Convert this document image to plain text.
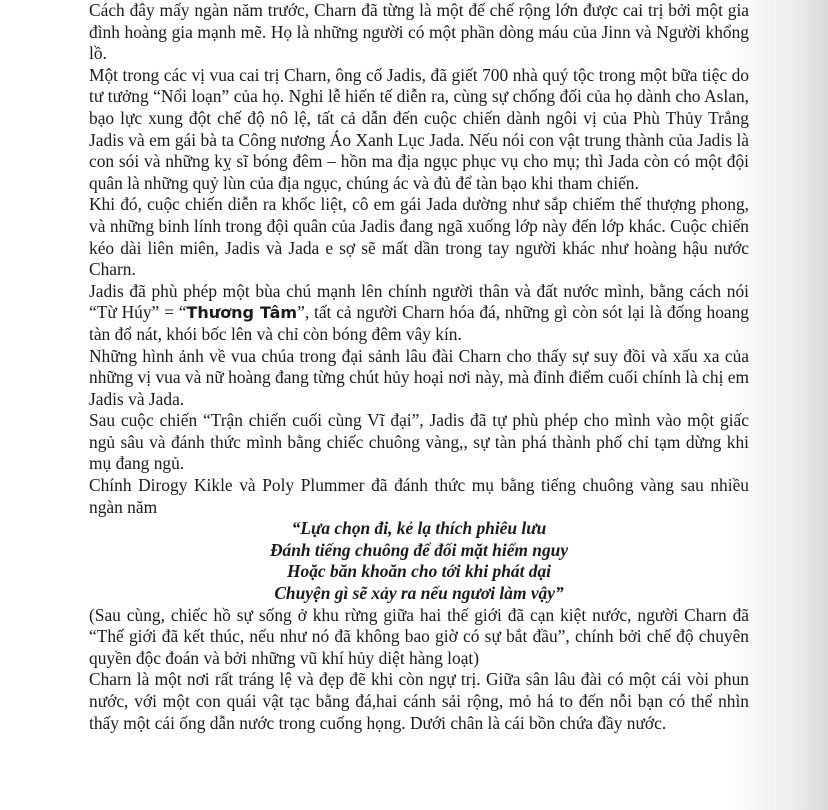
Cách đây mấy ngàn năm trước, Charn đã từng là một đế chế rộng lớn được cai trị bởi một gia đình hoàng gia mạnh mẽ. Họ là những người có một phần dòng máu của Jinn và Người khổng lồ.

Một trong các vị vua cai trị Charn, ông cố Jadis, đã giết 700 nhà quý tộc trong một bữa tiệc do tư tưởng “Nổi loạn” của họ. Nghi lễ hiến tế diễn ra, cùng sự chống đối của họ dành cho Aslan, bạo lực xung đột chế độ nô lệ, tất cả dẫn đến cuộc chiến dành ngôi vị của Phù Thủy Trắng Jadis và em gái bà ta Công nương Áo Xanh Lục Jada. Nếu nói con vật trung thành của Jadis là con sói và những kỵ sĩ bóng đêm – hồn ma địa ngục phục vụ cho mụ; thì Jada còn có một đội quân là những quỷ lùn của địa ngục, chúng ác và đủ để tàn bạo khi tham chiến.

Khi đó, cuộc chiến diễn ra khốc liệt, cô em gái Jada dường như sắp chiếm thế thượng phong, và những binh lính trong đội quân của Jadis đang ngã xuống lớp này đến lớp khác. Cuộc chiến kéo dài liên miên, Jadis và Jada e sợ sẽ mất dần trong tay người khác như hoàng hậu nước Charn.

Jadis đã phù phép một bùa chú mạnh lên chính người thân và đất nước mình, bằng cách nói “Từ Húy” = “Thương Tâm”, tất cả người Charn hóa đá, những gì còn sót lại là đống hoang tàn đổ nát, khói bốc lên và chỉ còn bóng đêm vây kín.

Những hình ảnh về vua chúa trong đại sảnh lâu đài Charn cho thấy sự suy đồi và xấu xa của những vị vua và nữ hoàng đang từng chút hủy hoại nơi này, mà đỉnh điểm cuối chính là chị em Jadis và Jada.

Sau cuộc chiến “Trận chiến cuối cùng Vĩ đại”, Jadis đã tự phù phép cho mình vào một giấc ngủ sâu và đánh thức mình bằng chiếc chuông vàng,, sự tàn phá thành phố chỉ tạm dừng khi mụ đang ngủ.

Chính Dirogy Kikle và Poly Plummer đã đánh thức mụ bằng tiếng chuông vàng sau nhiều ngàn năm

“Lựa chọn đi, kẻ lạ thích phiêu lưu
Đánh tiếng chuông để đối mặt hiểm nguy
Hoặc băn khoăn cho tới khi phát dại
Chuyện gì sẽ xảy ra nếu ngươi làm vậy”

(Sau cùng, chiếc hồ sự sống ở khu rừng giữa hai thế giới đã cạn kiệt nước, người Charn đã “Thế giới đã kết thúc, nếu như nó đã không bao giờ có sự bắt đầu”, chính bởi chế độ chuyên quyền độc đoán và bởi những vũ khí hủy diệt hàng loạt)

Charn là một nơi rất tráng lệ và đẹp đẽ khi còn ngự trị. Giữa sân lâu đài có một cái vòi phun nước, với một con quái vật tạc bằng đá,hai cánh sải rộng, mỏ há to đến nỗi bạn có thể nhìn thấy một cái ống dẫn nước trong cuống họng. Dưới chân là cái bồn chứa đầy nước.
